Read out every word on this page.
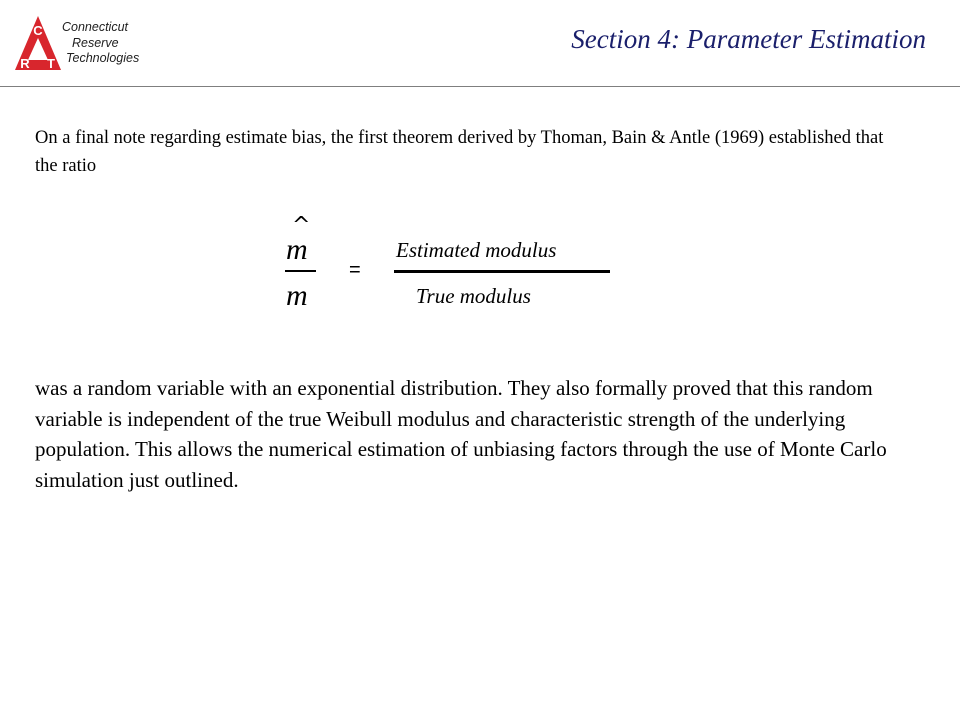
C
R T
Connecticut
Reserve
Technologies
Section 4: Parameter Estimation
On a final note regarding estimate bias, the first theorem derived by Thoman, Bain & Antle (1969) established that the ratio
^
m
m
=
Estimated modulus
True modulus
was a random variable with an exponential distribution. They also formally proved that this random variable is independent of the true Weibull modulus and characteristic strength of the underlying population. This allows the numerical estimation of unbiasing factors through the use of Monte Carlo simulation just outlined.
